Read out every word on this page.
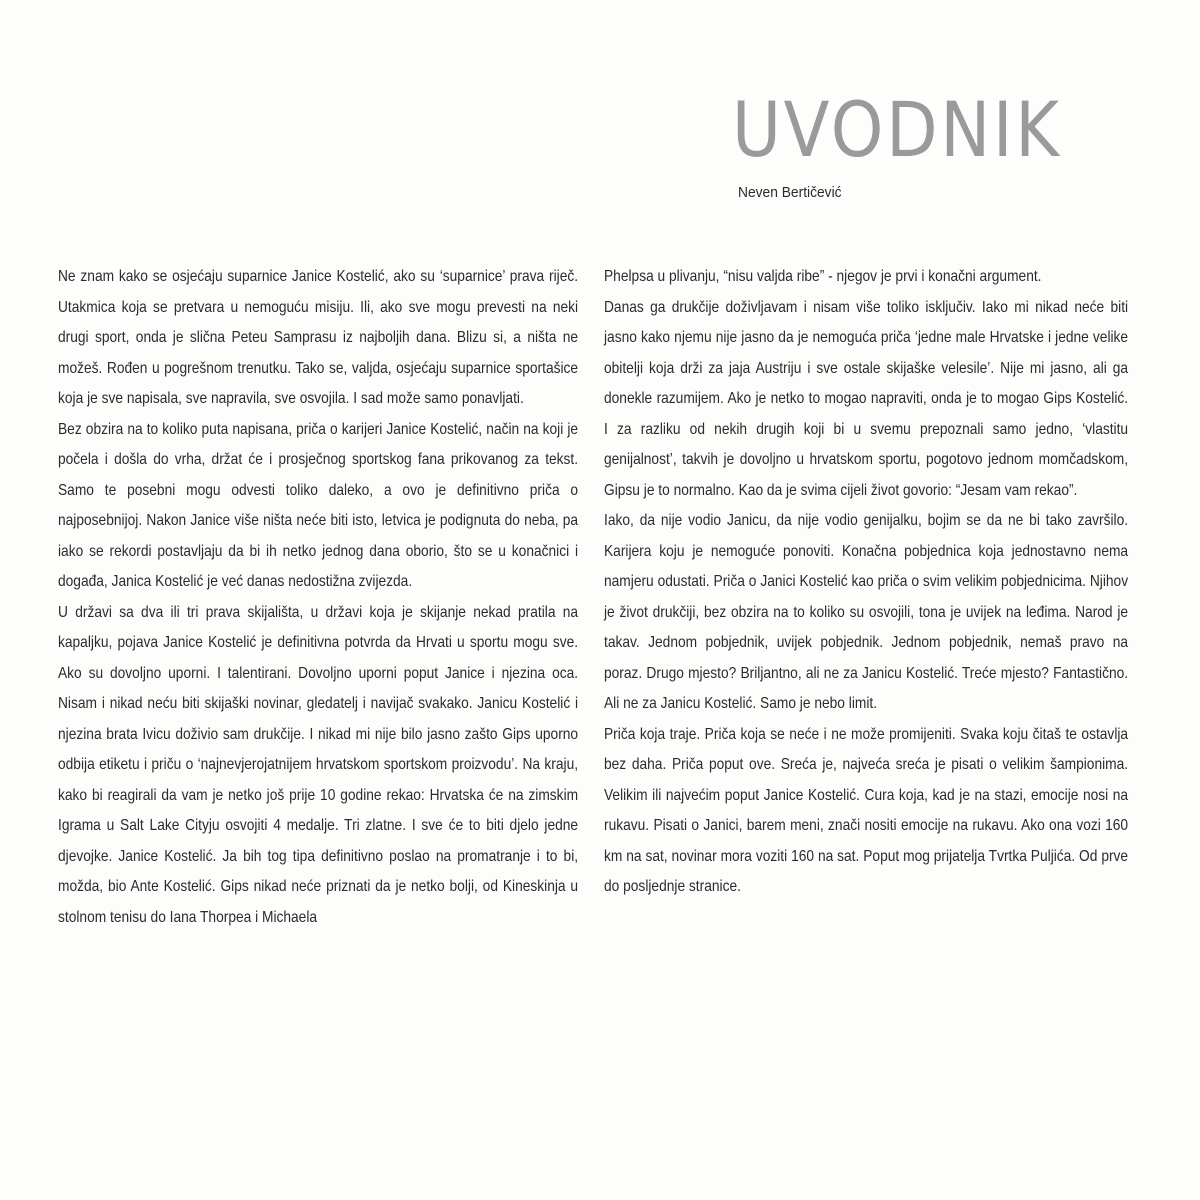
UVODNIK
Neven Bertičević

Ne znam kako se osjećaju suparnice Janice Kostelić, ako su ‘suparnice’ prava riječ. Utakmica koja se pretvara u nemoguću misiju. Ili, ako sve mogu prevesti na neki drugi sport, onda je slična Peteu Samprasu iz najboljih dana. Blizu si, a ništa ne možeš. Rođen u pogrešnom trenutku. Tako se, valjda, osjećaju suparnice sportašice koja je sve napisala, sve napravila, sve osvojila. I sad može samo ponavljati.

Bez obzira na to koliko puta napisana, priča o karijeri Janice Kostelić, način na koji je počela i došla do vrha, držat će i prosječnog sportskog fana prikovanog za tekst. Samo te posebni mogu odvesti toliko daleko, a ovo je definitivno priča o najposebnijoj. Nakon Janice više ništa neće biti isto, letvica je podignuta do neba, pa iako se rekordi postavljaju da bi ih netko jednog dana oborio, što se u konačnici i događa, Janica Kostelić je već danas nedostižna zvijezda.

U državi sa dva ili tri prava skijališta, u državi koja je skijanje nekad pratila na kapaljku, pojava Janice Kostelić je definitivna potvrda da Hrvati u sportu mogu sve. Ako su dovoljno uporni. I talentirani. Dovoljno uporni poput Janice i njezina oca. Nisam i nikad neću biti skijaški novinar, gledatelj i navijač svakako. Janicu Kostelić i njezina brata Ivicu doživio sam drukčije. I nikad mi nije bilo jasno zašto Gips uporno odbija etiketu i priču o ‘najnevjerojatnijem hrvatskom sportskom proizvodu’. Na kraju, kako bi reagirali da vam je netko još prije 10 godine rekao: Hrvatska će na zimskim Igrama u Salt Lake Cityju osvojiti 4 medalje. Tri zlatne. I sve će to biti djelo jedne djevojke. Janice Kostelić. Ja bih tog tipa definitivno poslao na promatranje i to bi, možda, bio Ante Kostelić. Gips nikad neće priznati da je netko bolji, od Kineskinja u stolnom tenisu do Iana Thorpea i Michaela

Phelpsa u plivanju, “nisu valjda ribe” - njegov je prvi i konačni argument.

Danas ga drukčije doživljavam i nisam više toliko isključiv. Iako mi nikad neće biti jasno kako njemu nije jasno da je nemoguća priča ‘jedne male Hrvatske i jedne velike obitelji koja drži za jaja Austriju i sve ostale skijaške velesile’. Nije mi jasno, ali ga donekle razumijem. Ako je netko to mogao napraviti, onda je to mogao Gips Kostelić. I za razliku od nekih drugih koji bi u svemu prepoznali samo jedno, ‘vlastitu genijalnost’, takvih je dovoljno u hrvatskom sportu, pogotovo jednom momčadskom, Gipsu je to normalno. Kao da je svima cijeli život govorio: “Jesam vam rekao”.

Iako, da nije vodio Janicu, da nije vodio genijalku, bojim se da ne bi tako završilo. Karijera koju je nemoguće ponoviti. Konačna pobjednica koja jednostavno nema namjeru odustati. Priča o Janici Kostelić kao priča o svim velikim pobjednicima. Njihov je život drukčiji, bez obzira na to koliko su osvojili, tona je uvijek na leđima. Narod je takav. Jednom pobjednik, uvijek pobjednik. Jednom pobjednik, nemaš pravo na poraz. Drugo mjesto? Briljantno, ali ne za Janicu Kostelić. Treće mjesto? Fantastično. Ali ne za Janicu Kostelić. Samo je nebo limit.

Priča koja traje. Priča koja se neće i ne može promijeniti. Svaka koju čitaš te ostavlja bez daha. Priča poput ove. Sreća je, najveća sreća je pisati o velikim šampionima. Velikim ili najvećim poput Janice Kostelić. Cura koja, kad je na stazi, emocije nosi na rukavu. Pisati o Janici, barem meni, znači nositi emocije na rukavu. Ako ona vozi 160 km na sat, novinar mora voziti 160 na sat. Poput mog prijatelja Tvrtka Puljića. Od prve do posljednje stranice.
